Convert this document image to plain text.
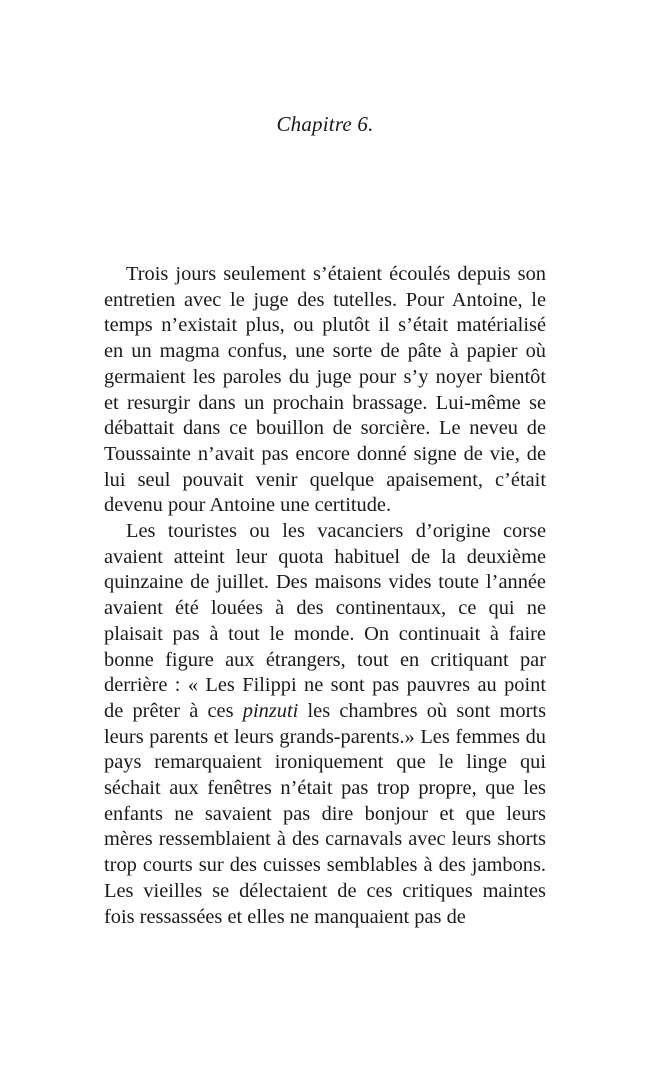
Chapitre 6.

Trois jours seulement s’étaient écoulés depuis son entretien avec le juge des tutelles. Pour Antoine, le temps n’existait plus, ou plutôt il s’était matérialisé en un magma confus, une sorte de pâte à papier où germaient les paroles du juge pour s’y noyer bientôt et resurgir dans un prochain brassage. Lui-même se débattait dans ce bouillon de sorcière. Le neveu de Toussainte n’avait pas encore donné signe de vie, de lui seul pouvait venir quelque apaisement, c’était devenu pour Antoine une certitude.

Les touristes ou les vacanciers d’origine corse avaient atteint leur quota habituel de la deuxième quinzaine de juillet. Des maisons vides toute l’année avaient été louées à des continentaux, ce qui ne plaisait pas à tout le monde. On continuait à faire bonne figure aux étrangers, tout en critiquant par derrière : « Les Filippi ne sont pas pauvres au point de prêter à ces pinzuti les chambres où sont morts leurs parents et leurs grands-parents.» Les femmes du pays remarquaient ironiquement que le linge qui séchait aux fenêtres n’était pas trop propre, que les enfants ne savaient pas dire bonjour et que leurs mères ressemblaient à des carnavals avec leurs shorts trop courts sur des cuisses semblables à des jambons. Les vieilles se délectaient de ces critiques maintes fois ressassées et elles ne manquaient pas de
